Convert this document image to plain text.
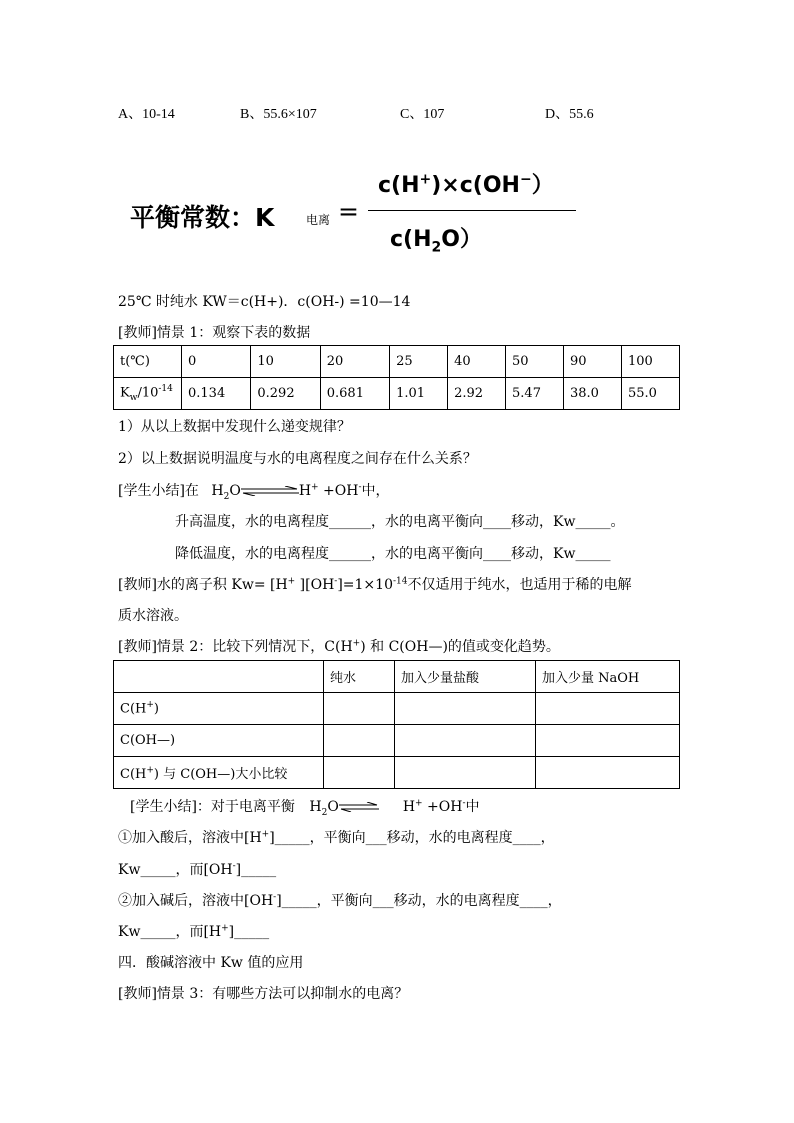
A、10-14	B、55.6×107	C、107	D、55.6
平衡常数：K	电离 =
c(H+)×c(OH−）
$c(H_2O)$
25℃ 时纯水 KW＝c(H+)．c(OH-) =10—14
[教师]情景 1：观察下表的数据
t(℃)	0	10	20	25	40	50	90	100
$K_w/10^{-14}$	0.134	0.292	0.681	1.01	2.92	5.47	38.0	55.0
1）从以上数据中发现什么递变规律？
2）以上数据说明温度与水的电离程度之间存在什么关系？
[学生小结]在 $H_2O$	H+ +OH-中，
升高温度，水的电离程度______，水的电离平衡向____移动，Kw_____。
降低温度，水的电离程度______，水的电离平衡向____移动，Kw_____
[教师]水的离子积 Kw= [H+ ]$[OH^-]=1\times 10^{-14}$不仅适用于纯水，也适用于稀的电解
质水溶液。
[教师]情景 2：比较下列情况下，C(H+) 和 C(OH—)的值或变化趋势。
	纯水	加入少量盐酸	加入少量 NaOH
C(H+)			
C(OH—)			
C(H+) 与 C(OH—)大小比较			
[学生小结]：对于电离平衡 $H_2O\rightleftharpoons$ H+ +OH-中
①加入酸后，溶液中[H+]_____，平衡向___移动，水的电离程度____，
Kw_____，而[OH-]_____
②加入碱后，溶液中[OH-]_____，平衡向___移动，水的电离程度____，
Kw_____，而[H+]_____
四．酸碱溶液中 Kw 值的应用
[教师]情景 3：有哪些方法可以抑制水的电离？
